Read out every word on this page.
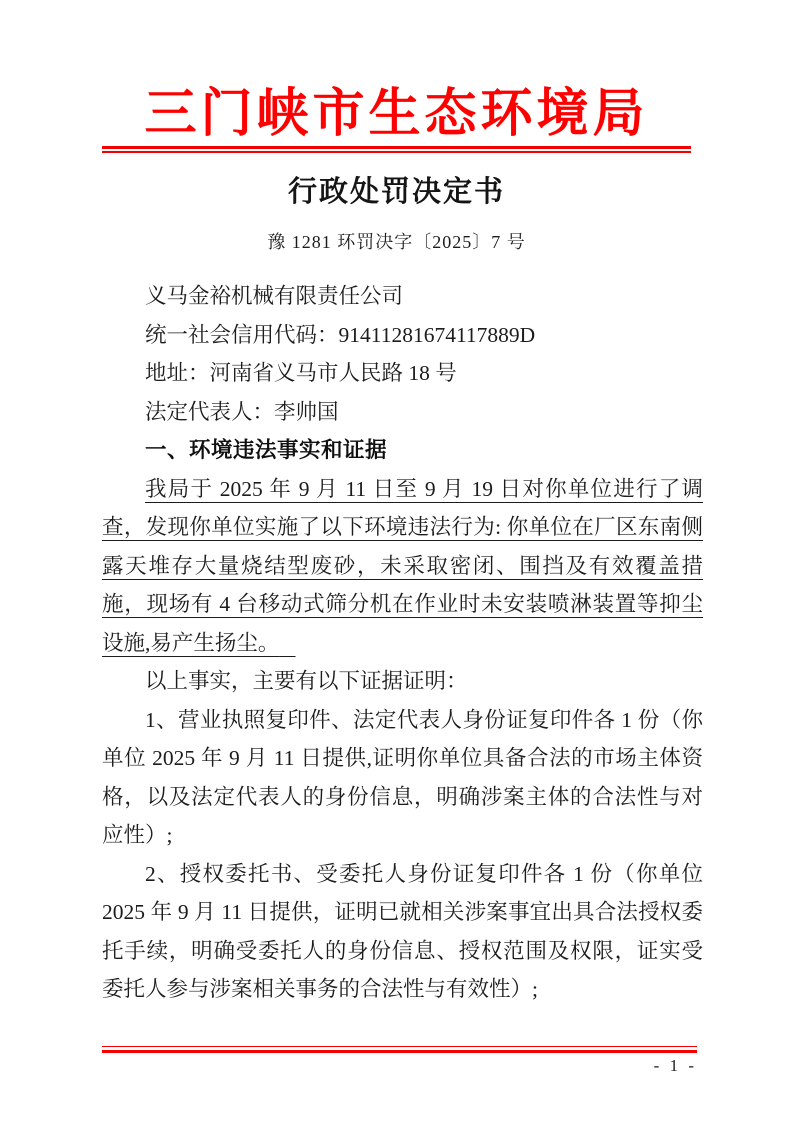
三门峡市生态环境局
行政处罚决定书
豫 1281 环罚决字〔2025〕7 号

义马金裕机械有限责任公司

统一社会信用代码：91411281674117889D

地址：河南省义马市人民路 18 号

法定代表人：李帅国

一、环境违法事实和证据

我局于 2025 年 9 月 11 日至 9 月 19 日对你单位进行了调查，发现你单位实施了以下环境违法行为: 你单位在厂区东南侧露天堆存大量烧结型废砂，未采取密闭、围挡及有效覆盖措施，现场有 4 台移动式筛分机在作业时未安装喷淋装置等抑尘设施,易产生扬尘。

以上事实，主要有以下证据证明：

1、营业执照复印件、法定代表人身份证复印件各 1 份（你单位 2025 年 9 月 11 日提供,证明你单位具备合法的市场主体资格，以及法定代表人的身份信息，明确涉案主体的合法性与对应性）;

2、授权委托书、受委托人身份证复印件各 1 份（你单位 2025 年 9 月 11 日提供，证明已就相关涉案事宜出具合法授权委托手续，明确受委托人的身份信息、授权范围及权限，证实受委托人参与涉案相关事务的合法性与有效性）;

- 1 -
